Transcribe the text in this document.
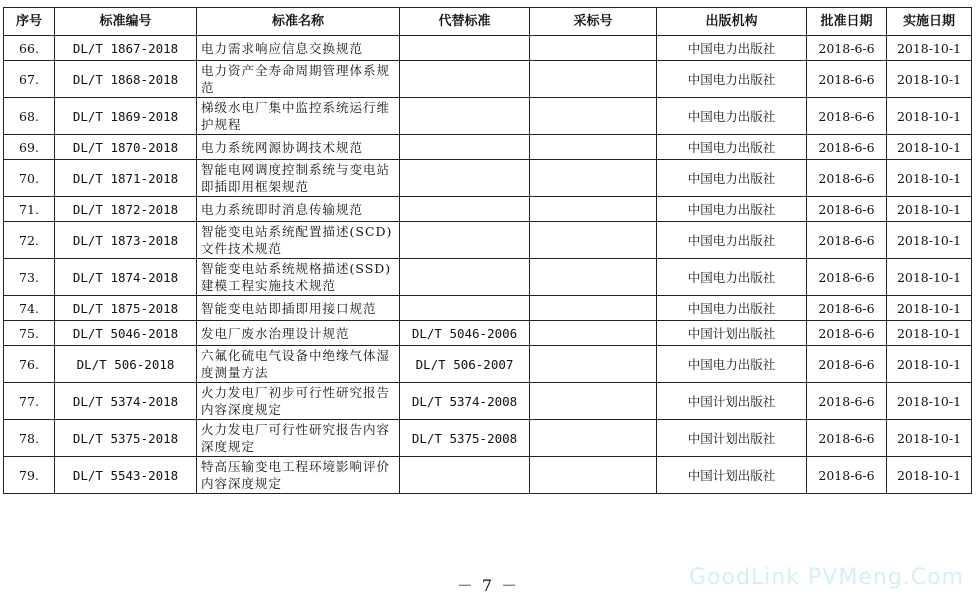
序号	标准编号	标准名称	代替标准	采标号	出版机构	批准日期	实施日期
66.	DL/T 1867-2018	电力需求响应信息交换规范			中国电力出版社	2018-6-6	2018-10-1
67.	DL/T 1868-2018	电力资产全寿命周期管理体系规范			中国电力出版社	2018-6-6	2018-10-1
68.	DL/T 1869-2018	梯级水电厂集中监控系统运行维护规程			中国电力出版社	2018-6-6	2018-10-1
69.	DL/T 1870-2018	电力系统网源协调技术规范			中国电力出版社	2018-6-6	2018-10-1
70.	DL/T 1871-2018	智能电网调度控制系统与变电站即插即用框架规范			中国电力出版社	2018-6-6	2018-10-1
71.	DL/T 1872-2018	电力系统即时消息传输规范			中国电力出版社	2018-6-6	2018-10-1
72.	DL/T 1873-2018	智能变电站系统配置描述(SCD)文件技术规范			中国电力出版社	2018-6-6	2018-10-1
73.	DL/T 1874-2018	智能变电站系统规格描述(SSD)建模工程实施技术规范			中国电力出版社	2018-6-6	2018-10-1
74.	DL/T 1875-2018	智能变电站即插即用接口规范			中国电力出版社	2018-6-6	2018-10-1
75.	DL/T 5046-2018	发电厂废水治理设计规范	DL/T 5046-2006		中国计划出版社	2018-6-6	2018-10-1
76.	DL/T 506-2018	六氟化硫电气设备中绝缘气体湿度测量方法	DL/T 506-2007		中国电力出版社	2018-6-6	2018-10-1
77.	DL/T 5374-2018	火力发电厂初步可行性研究报告内容深度规定	DL/T 5374-2008		中国计划出版社	2018-6-6	2018-10-1
78.	DL/T 5375-2018	火力发电厂可行性研究报告内容深度规定	DL/T 5375-2008		中国计划出版社	2018-6-6	2018-10-1
79.	DL/T 5543-2018	特高压输变电工程环境影响评价内容深度规定			中国计划出版社	2018-6-6	2018-10-1
－ 7 －	GoodLink PVMeng.Com
